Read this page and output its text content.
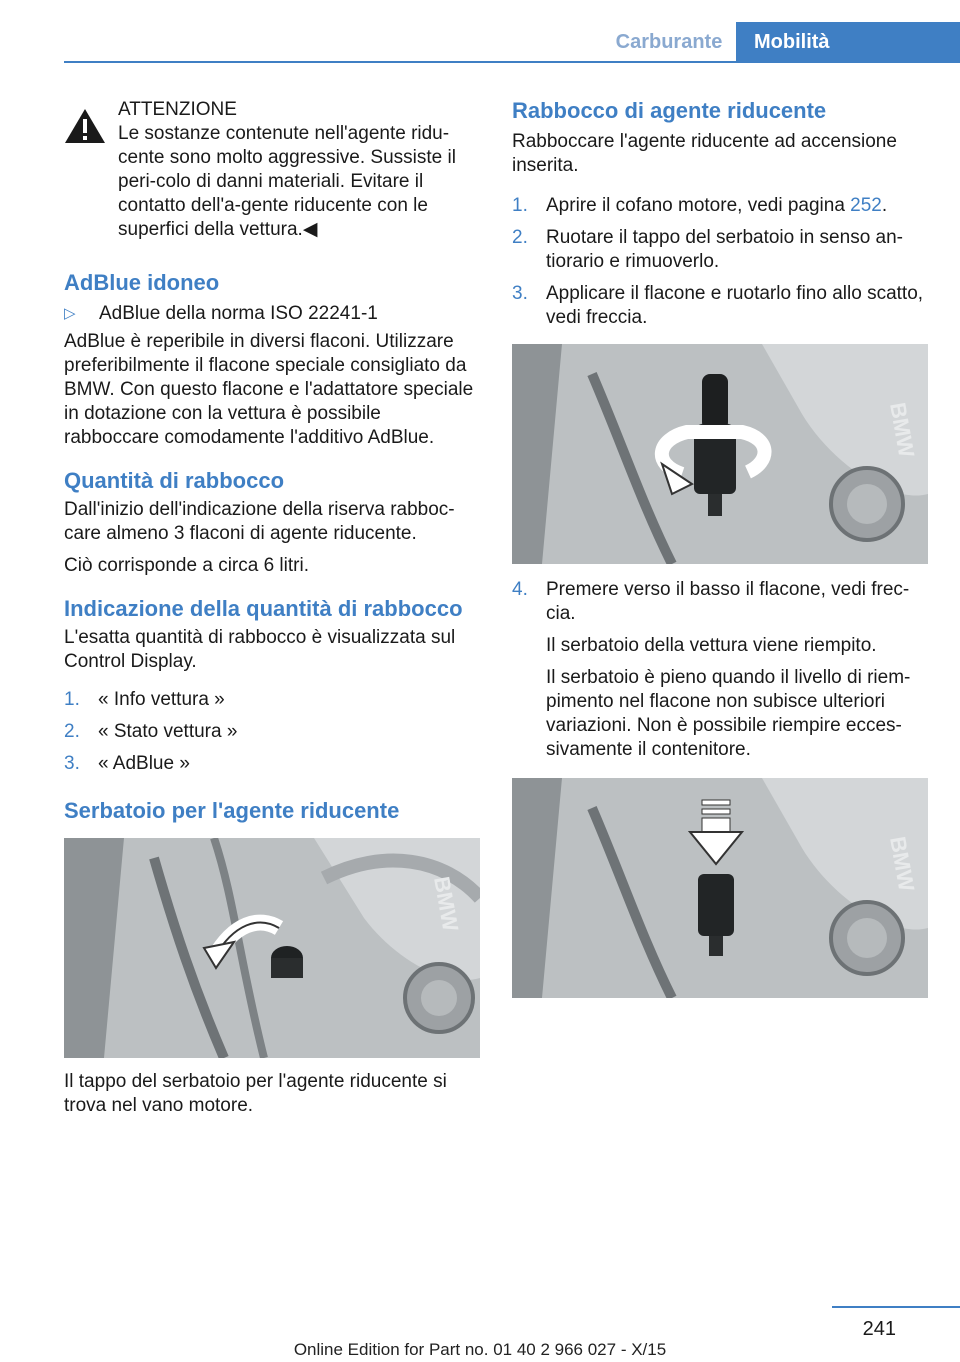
Carburante	Mobilità
ATTENZIONE
Le sostanze contenute nell'agente ridu‐cente sono molto aggressive. Sussiste il peri‐colo di danni materiali. Evitare il contatto dell'a‐gente riducente con le superfici della vettura.◀
AdBlue idoneo
▷ AdBlue della norma ISO 22241‑1

AdBlue è reperibile in diversi flaconi. Utilizzare preferibilmente il flacone speciale consigliato da BMW. Con questo flacone e l'adattatore speciale in dotazione con la vettura è possibile rabboccare comodamente l'additivo AdBlue.

Quantità di rabbocco

Dall'inizio dell'indicazione della riserva rabboc‐care almeno 3 flaconi di agente riducente.

Ciò corrisponde a circa 6 litri.

Indicazione della quantità di rabbocco

L'esatta quantità di rabbocco è visualizzata sul Control Display.

1. « Info vettura »
2. « Stato vettura »
3. « AdBlue »
Serbatoio per l'agente riducente
BMW

Il tappo del serbatoio per l'agente riducente si trova nel vano motore.

Rabbocco di agente riducente

Rabboccare l'agente riducente ad accensione inserita.

1. Aprire il cofano motore, vedi pagina 252.
2. Ruotare il tappo del serbatoio in senso an‐tiorario e rimuoverlo.
3. Applicare il flacone e ruotarlo fino allo scatto, vedi freccia.
BMW
4. Premere verso il basso il flacone, vedi frec‐cia.

Il serbatoio della vettura viene riempito.

Il serbatoio è pieno quando il livello di riem‐pimento nel flacone non subisce ulteriori variazioni. Non è possibile riempire ecces‐sivamente il contenitore.

BMW
241
Online Edition for Part no. 01 40 2 966 027 - X/15
